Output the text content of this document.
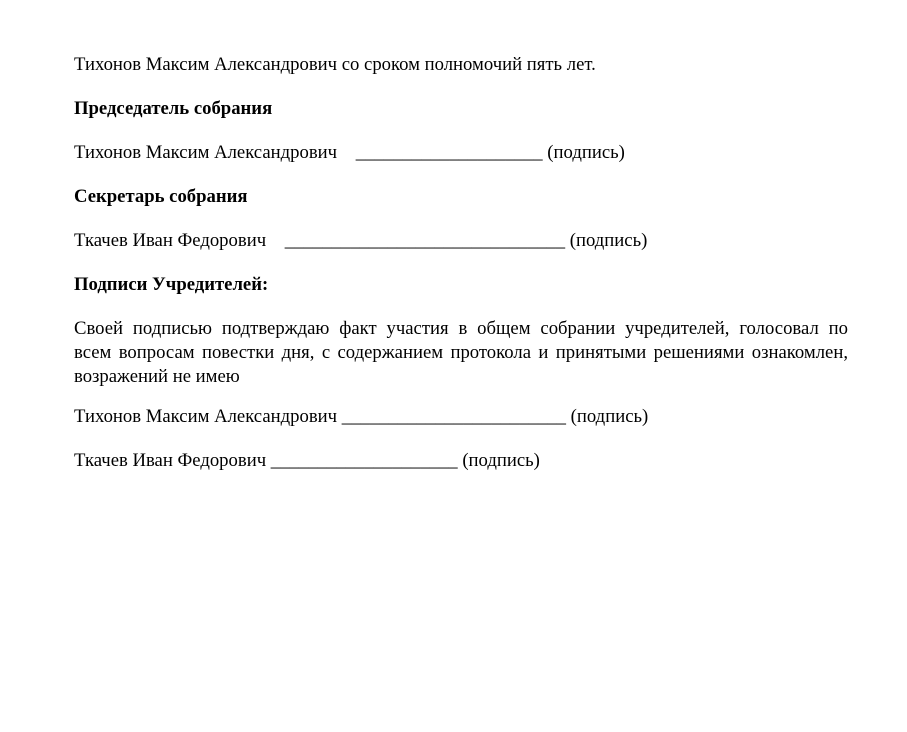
Тихонов Максим Александрович со сроком полномочий пять лет.
Председатель собрания
Тихонов Максим Александрович ____________________ (подпись)
Секретарь собрания
Ткачев Иван Федорович ______________________________ (подпись)
Подписи Учредителей:
Своей подписью подтверждаю факт участия в общем собрании учредителей, голосовал по
всем вопросам повестки дня, с содержанием протокола и принятыми решениями ознакомлен,
возражений не имею
Тихонов Максим Александрович ________________________ (подпись)
Ткачев Иван Федорович ____________________ (подпись)
